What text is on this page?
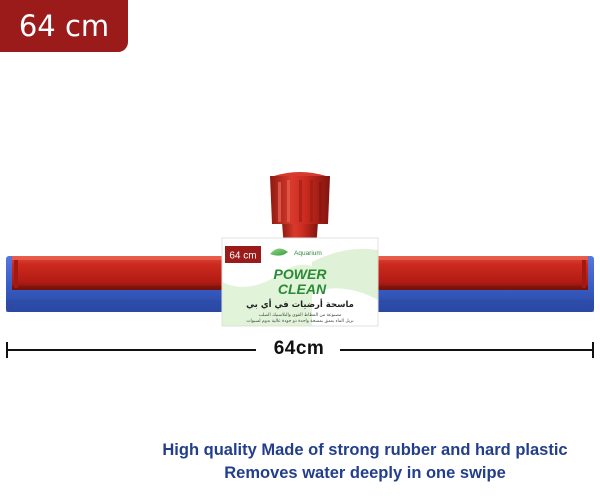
64 cm
64 cm	Aquarium
POWER
CLEAN
ماسحة أرضيات في أي بي
مصنوعة من المطاط القوي والبلاستيك الصلب
تزيل الماء بعمق بمسحة واحدة ذو جودة عالية تدوم لسنوات
64cm
High quality Made of strong rubber and hard plastic
Removes water deeply in one swipe
